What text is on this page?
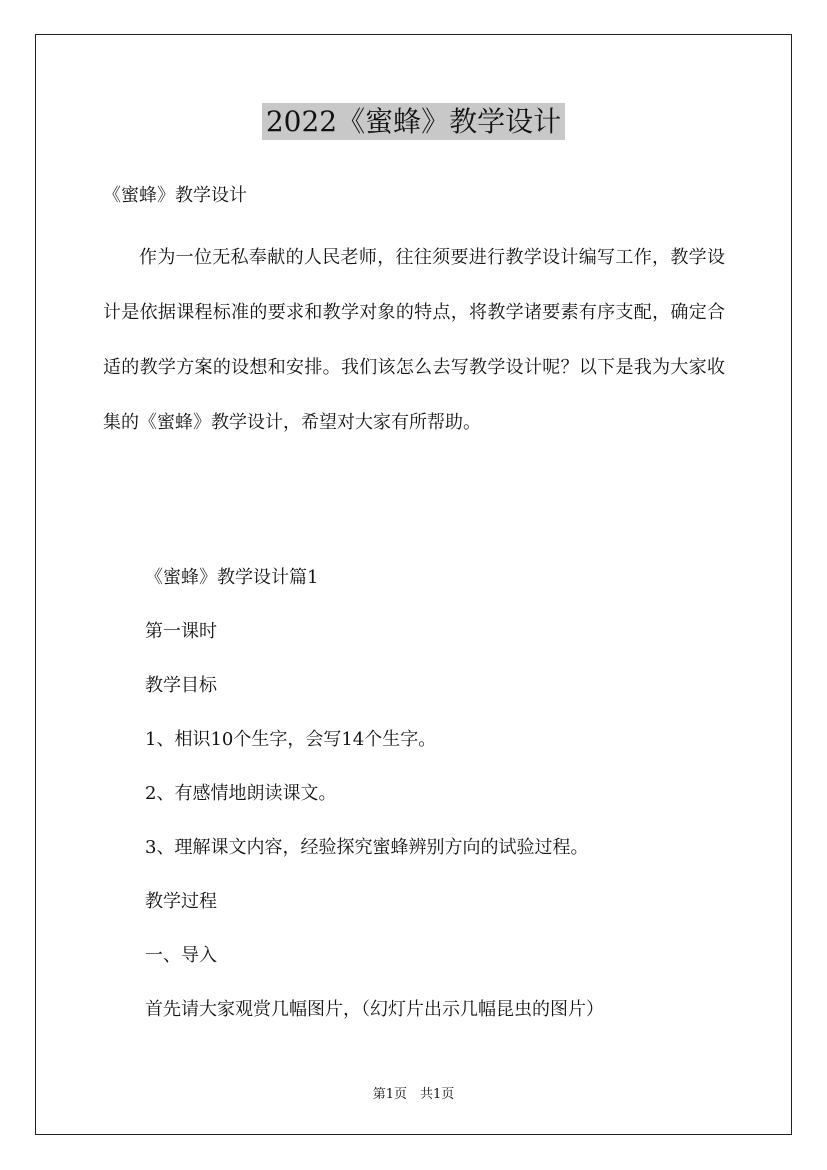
2022《蜜蜂》教学设计
《蜜蜂》教学设计

作为一位无私奉献的人民老师，往往须要进行教学设计编写工作，教学设计是依据课程标准的要求和教学对象的特点，将教学诸要素有序支配，确定合适的教学方案的设想和安排。我们该怎么去写教学设计呢？以下是我为大家收集的《蜜蜂》教学设计，希望对大家有所帮助。

《蜜蜂》教学设计篇1
第一课时
教学目标
1、相识10个生字，会写14个生字。
2、有感情地朗读课文。
3、理解课文内容，经验探究蜜蜂辨别方向的试验过程。
教学过程
一、导入
首先请大家观赏几幅图片，（幻灯片出示几幅昆虫的图片）
第1页　共1页
